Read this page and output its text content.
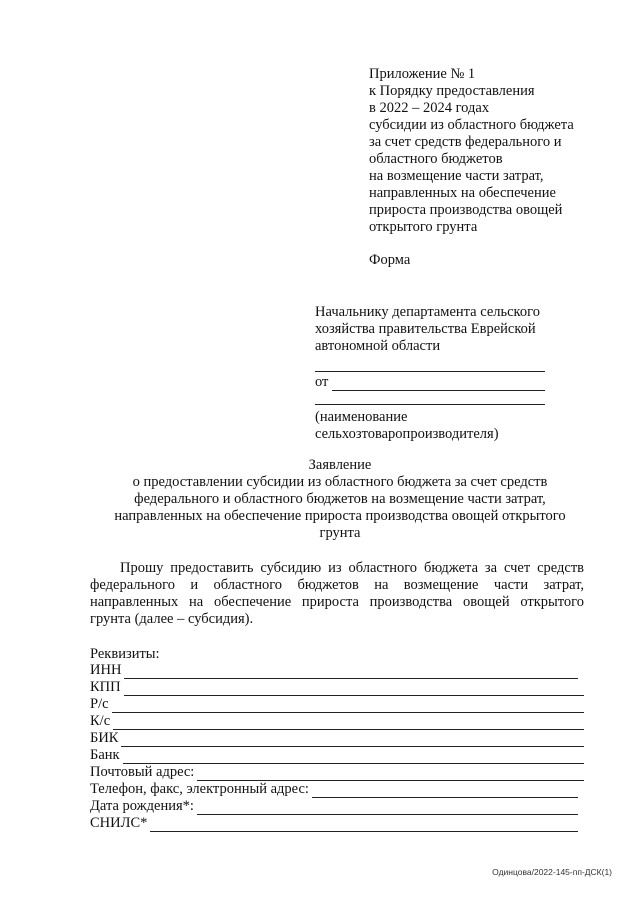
Приложение № 1
к Порядку предоставления
в 2022 – 2024 годах
субсидии из областного бюджета
за счет средств федерального и
областного бюджетов
на возмещение части затрат,
направленных на обеспечение
прироста производства овощей
открытого грунта
Форма
Начальнику департамента сельского
хозяйства правительства Еврейской
автономной области
от
(наименование
сельхозтоваропроизводителя)
Заявление
о предоставлении субсидии из областного бюджета за счет средств
федерального и областного бюджетов на возмещение части затрат,
направленных на обеспечение прироста производства овощей открытого
грунта
Прошу предоставить субсидию из областного бюджета за счет средств федерального и областного бюджетов на возмещение части затрат, направленных на обеспечение прироста производства овощей открытого грунта (далее – субсидия).
Реквизиты:
ИНН
КПП
Р/с
К/с
БИК
Банк
Почтовый адрес:
Телефон, факс, электронный адрес:
Дата рождения*:
СНИЛС*
Одинцова/2022-145-пп-ДСК(1)
